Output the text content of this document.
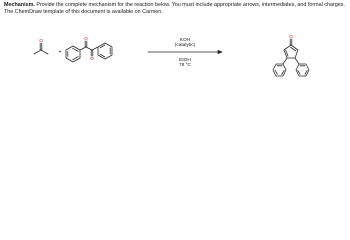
Mechanism. Provide the complete mechanism for the reaction below. You must include appropriate arrows, intermediates, and formal charges. The ChemDraw template of this document is available on Carmen.

O	O
O
O
+
KOH
(catalytic)
EtOH
78 °C
